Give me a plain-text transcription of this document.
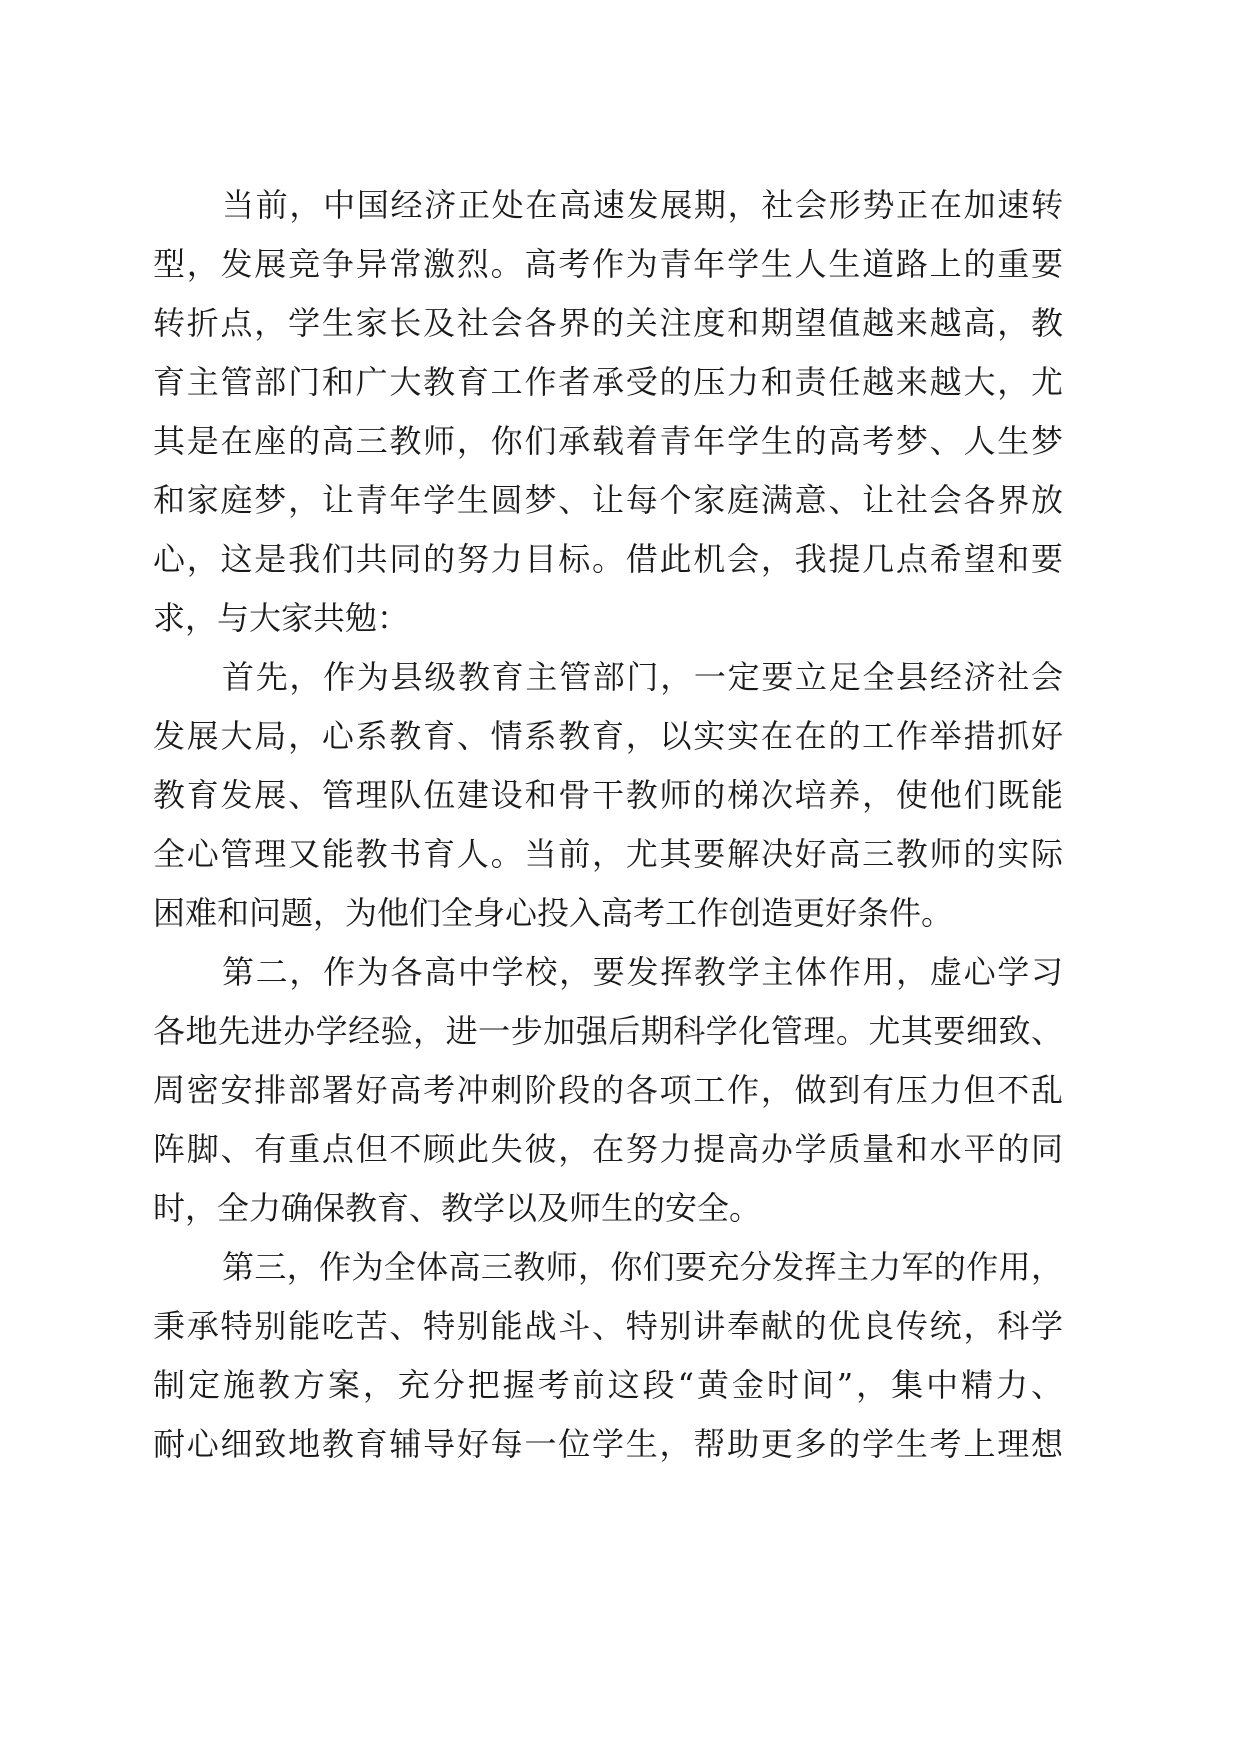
当前，中国经济正处在高速发展期，社会形势正在加速转
型，发展竞争异常激烈。高考作为青年学生人生道路上的重要
转折点，学生家长及社会各界的关注度和期望值越来越高，教
育主管部门和广大教育工作者承受的压力和责任越来越大，尤
其是在座的高三教师，你们承载着青年学生的高考梦、人生梦
和家庭梦，让青年学生圆梦、让每个家庭满意、让社会各界放
心，这是我们共同的努力目标。借此机会，我提几点希望和要
求，与大家共勉：
首先，作为县级教育主管部门，一定要立足全县经济社会
发展大局，心系教育、情系教育，以实实在在的工作举措抓好
教育发展、管理队伍建设和骨干教师的梯次培养，使他们既能
全心管理又能教书育人。当前，尤其要解决好高三教师的实际
困难和问题，为他们全身心投入高考工作创造更好条件。
第二，作为各高中学校，要发挥教学主体作用，虚心学习
各地先进办学经验，进一步加强后期科学化管理。尤其要细致、
周密安排部署好高考冲刺阶段的各项工作，做到有压力但不乱
阵脚、有重点但不顾此失彼，在努力提高办学质量和水平的同
时，全力确保教育、教学以及师生的安全。
第三，作为全体高三教师，你们要充分发挥主力军的作用，
秉承特别能吃苦、特别能战斗、特别讲奉献的优良传统，科学
制定施教方案，充分把握考前这段“黄金时间”，集中精力、
耐心细致地教育辅导好每一位学生，帮助更多的学生考上理想
